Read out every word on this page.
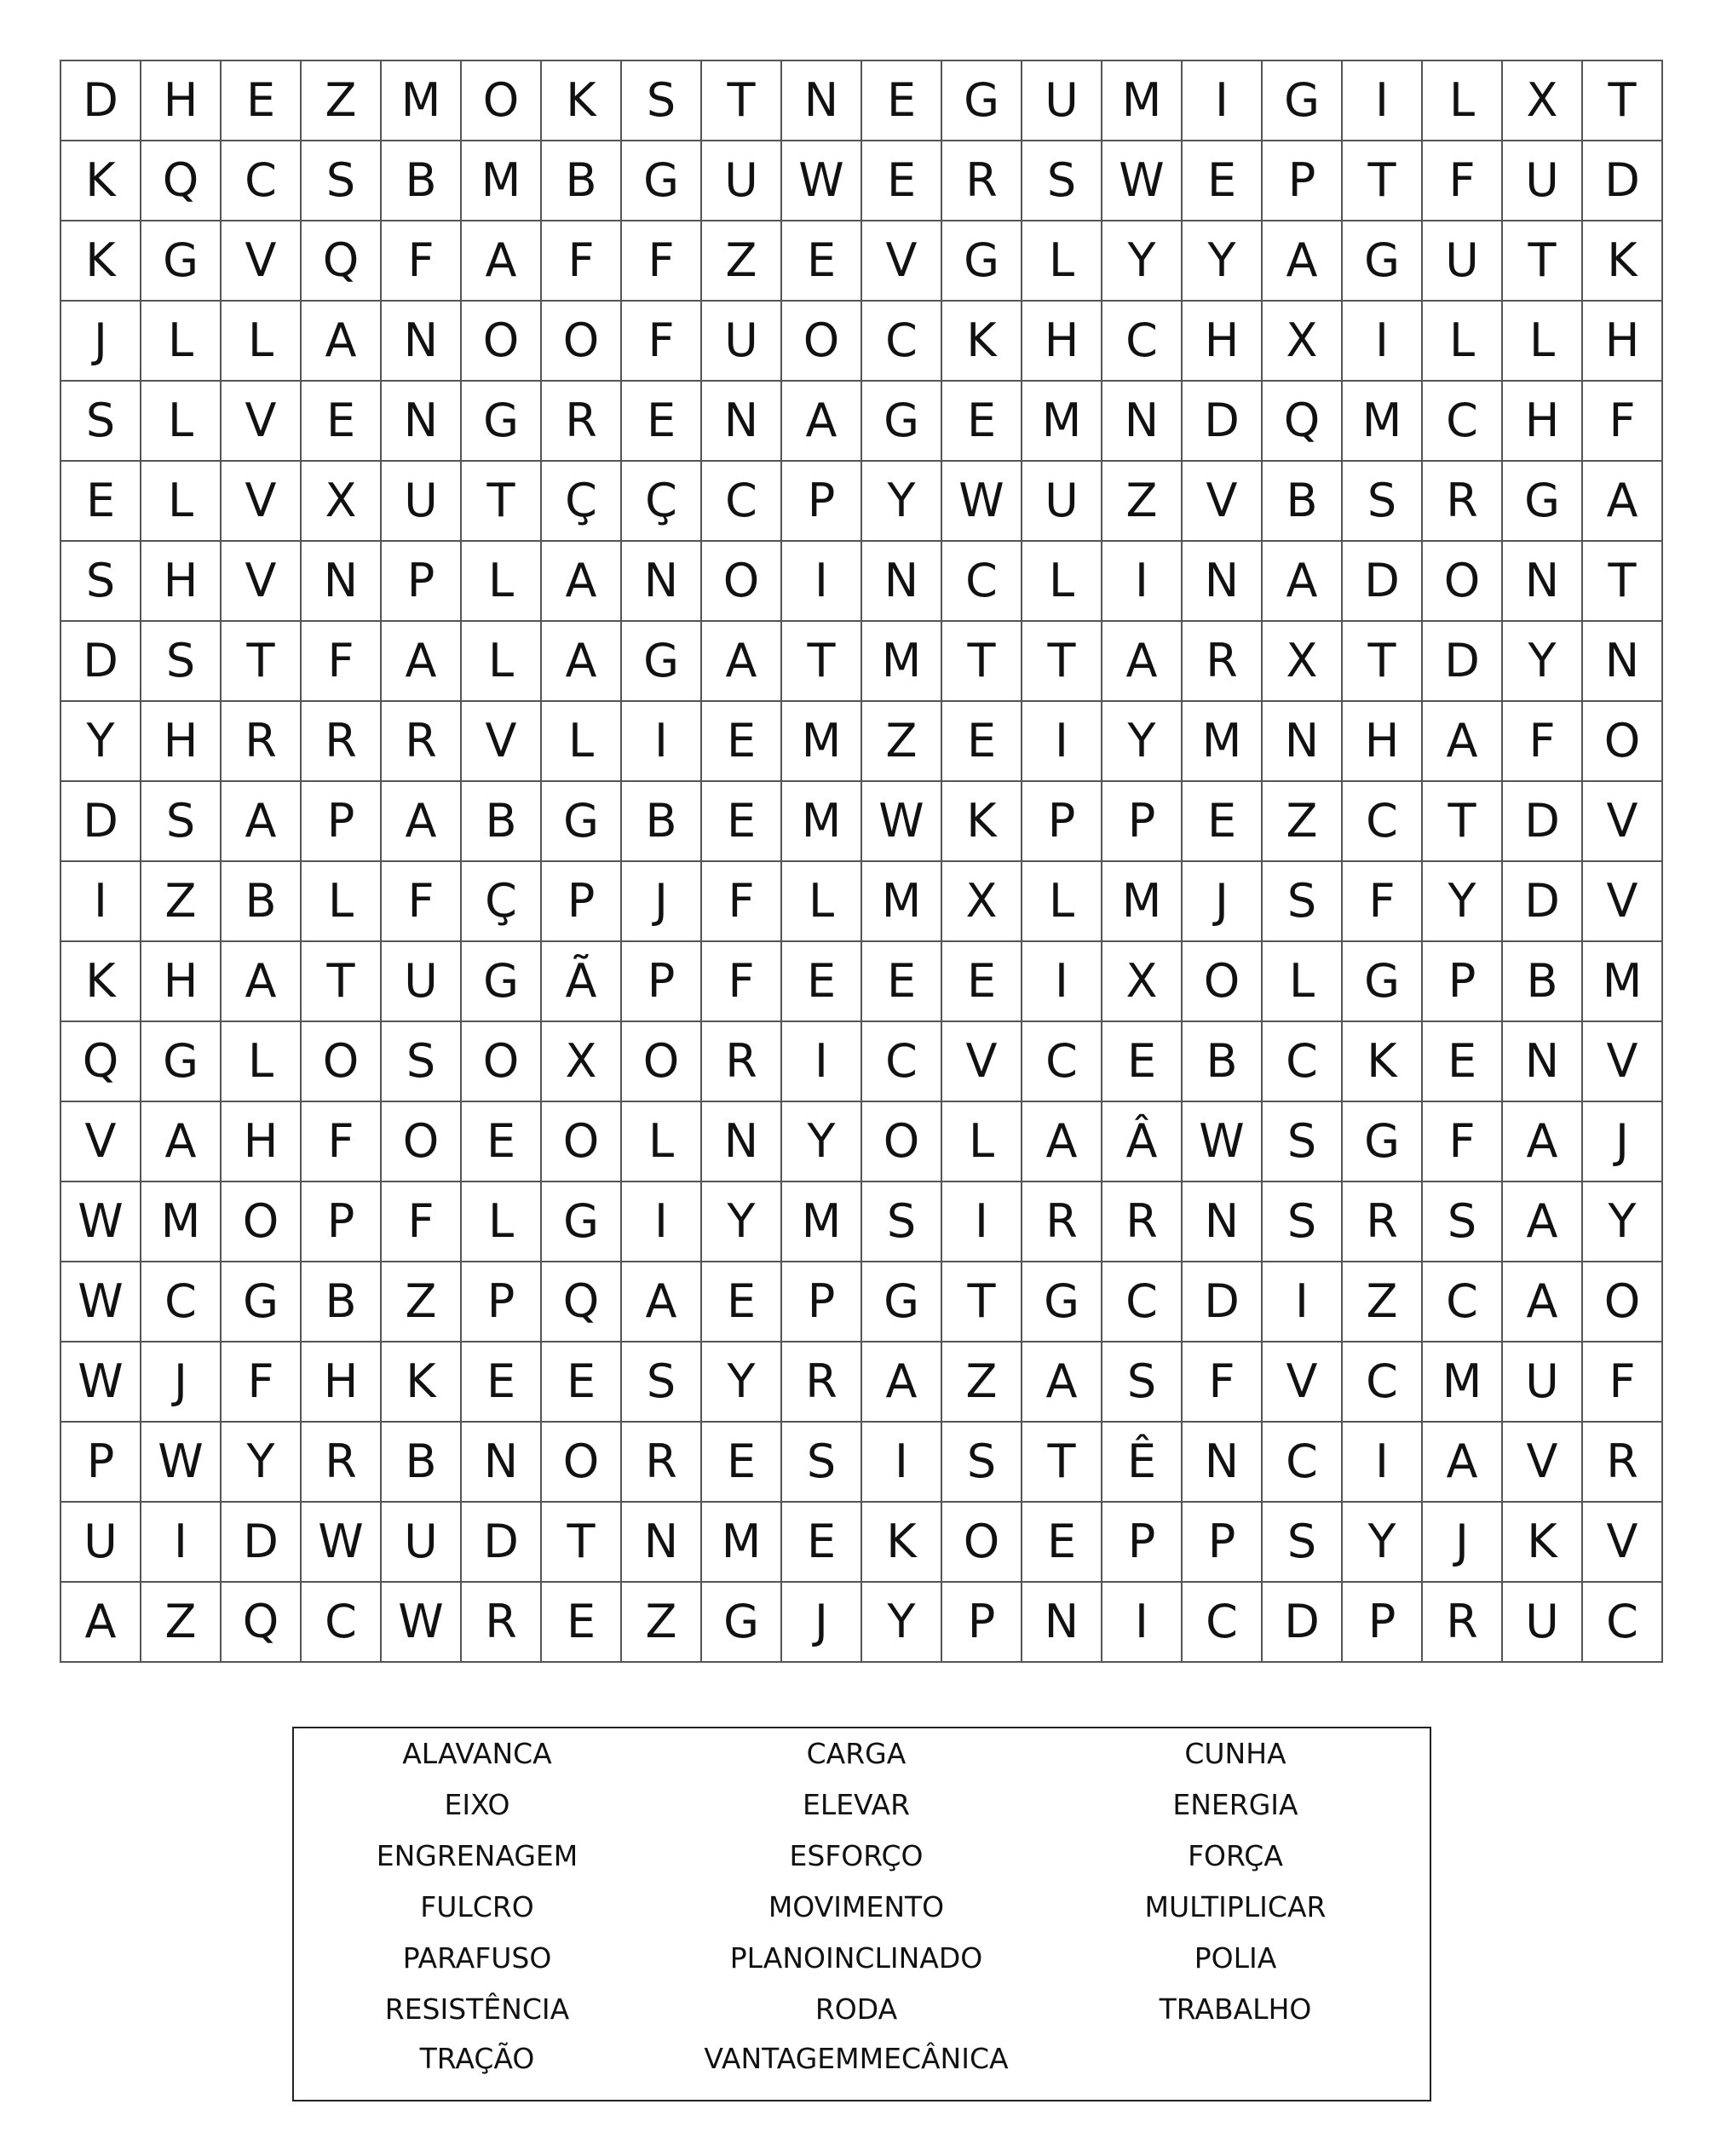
D H	E	Z M O	K	S	T	N	E	G U M	I	G	I	L	X	T
K	Q C	S	B M B	G U W E	R	S W E	P	T	F	U D
K	G	V	Q	F	A	F	F	Z	E	V	G	L	Y	Y	A	G U	T	K
J	L	L	A	N O O	F	U O C	K	H	C	H	X	I	L	L	H
S	L	V	E	N G	R	E	N	A	G	E M N D Q M C	H	F
E	L	V	X	U	T	Ç	Ç	C	P	Y W U	Z	V	B	S	R	G	A
S	H	V	N	P	L	A	N O	I	N	C	L	I	N	A	D O N	T
D	S	T	F	A	L	A	G	A	T	M	T	T	A	R	X	T	D	Y	N
Y	H	R	R	R	V	L	I	E M Z	E	I	Y	M N H	A	F	O
D	S	A	P	A	B	G	B	E M W K	P	P	E	Z	C	T	D	V
I	Z	B	L	F	Ç	P	J	F	L	M X	L	M	J	S	F	Y	D	V
K	H	A	T	U G	Ã	P	F	E	E	E	I	X	O	L	G	P	B M
Q G	L	O	S	O	X	O R	I	C	V	C	E	B	C	K	E	N	V
V	A	H	F	O	E	O	L	N	Y	O	L	A	Â W S	G	F	A	J
W M O	P	F	L	G	I	Y	M S	I	R	R	N	S	R	S	A	Y
W C	G	B	Z	P	Q	A	E	P	G	T	G	C	D	I	Z	C	A	O
W	J	F	H	K	E	E	S	Y	R	A	Z	A	S	F	V	C M U	F
P W Y	R	B	N O R	E	S	I	S	T	Ê	N	C	I	A	V	R
U	I	D W U D	T	N M E	K	O	E	P	P	S	Y	J	K	V
A	Z	Q C W R	E	Z	G	J	Y	P	N	I	C	D	P	R	U	C
ALAVANCA	CARGA	CUNHA
EIXO	ELEVAR	ENERGIA
ENGRENAGEM	ESFORÇO	FORÇA
FULCRO	MOVIMENTO	MULTIPLICAR
PARAFUSO	PLANOINCLINADO	POLIA
RESISTÊNCIA	RODA	TRABALHO
TRAÇÃO	VANTAGEMMECÂNICA
